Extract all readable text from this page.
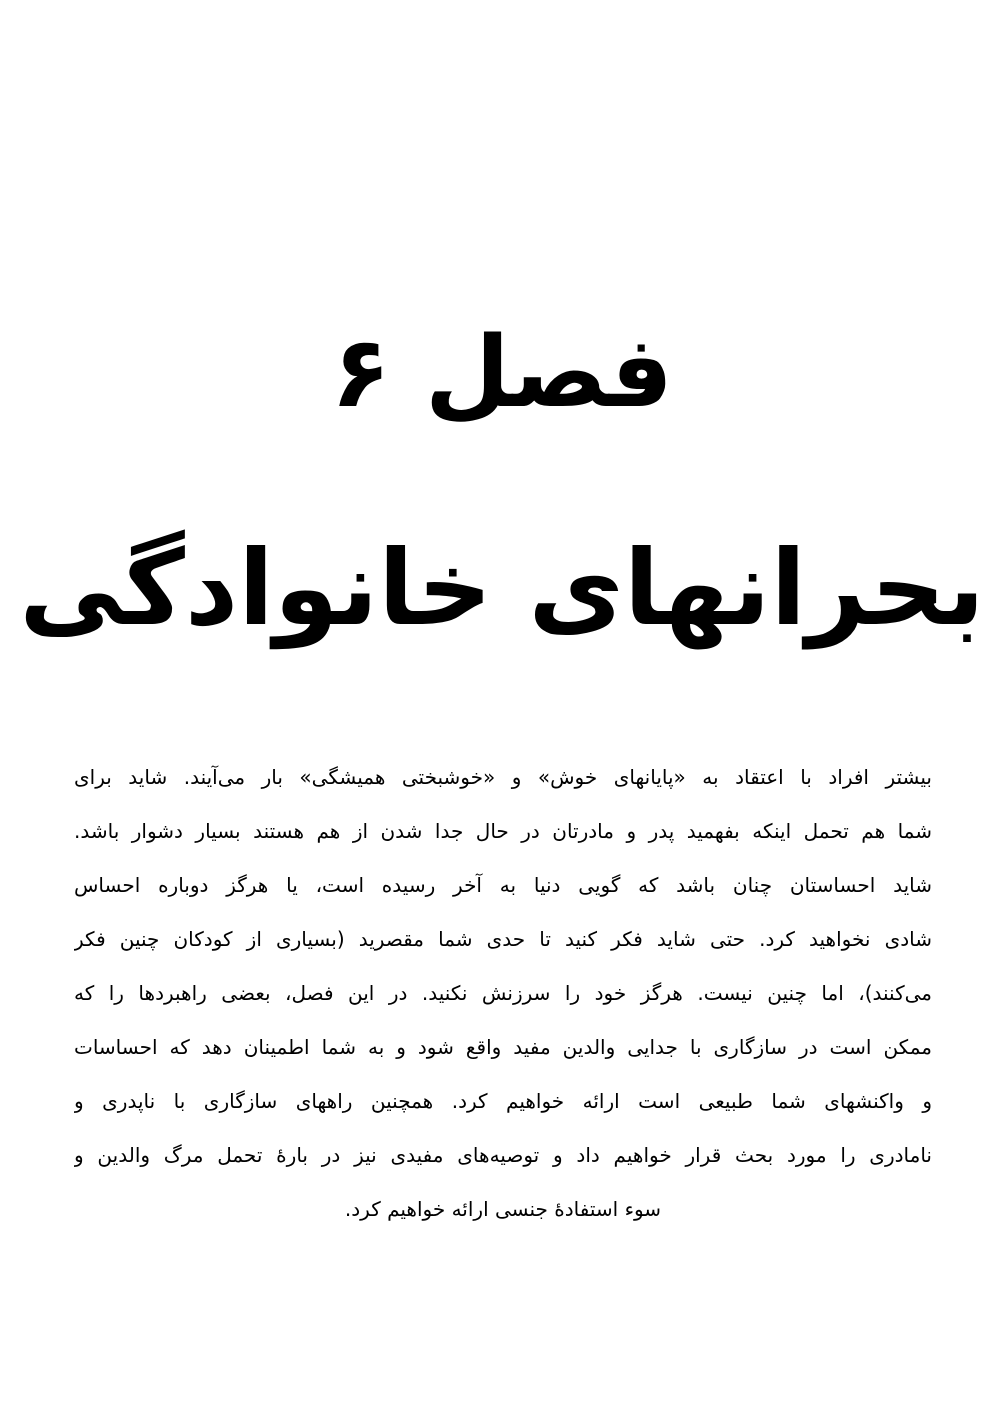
فصل ۶
بحرانهای خانوادگی
بیشتر افراد با اعتقاد به «پایانهای خوش» و «خوشبختی همیشگی» بار می‌آیند. شاید برای
شما هم تحمل اینکه بفهمید پدر و مادرتان در حال جدا شدن از هم هستند بسیار دشوار باشد.
شاید احساستان چنان باشد که گویی دنیا به آخر رسیده است، یا هرگز دوباره احساس
شادی نخواهید کرد. حتی شاید فکر کنید تا حدی شما مقصرید (بسیاری از کودکان چنین فکر
می‌کنند)، اما چنین نیست. هرگز خود را سرزنش نکنید. در این فصل، بعضی راهبردها را که
ممکن است در سازگاری با جدایی والدین مفید واقع شود و به شما اطمینان دهد که احساسات
و واکنشهای شما طبیعی است ارائه خواهیم کرد. همچنین راههای سازگاری با ناپدری و
نامادری را مورد بحث قرار خواهیم داد و توصیه‌های مفیدی نیز در بارهٔ تحمل مرگ والدین و
سوء استفادهٔ جنسی ارائه خواهیم کرد.
